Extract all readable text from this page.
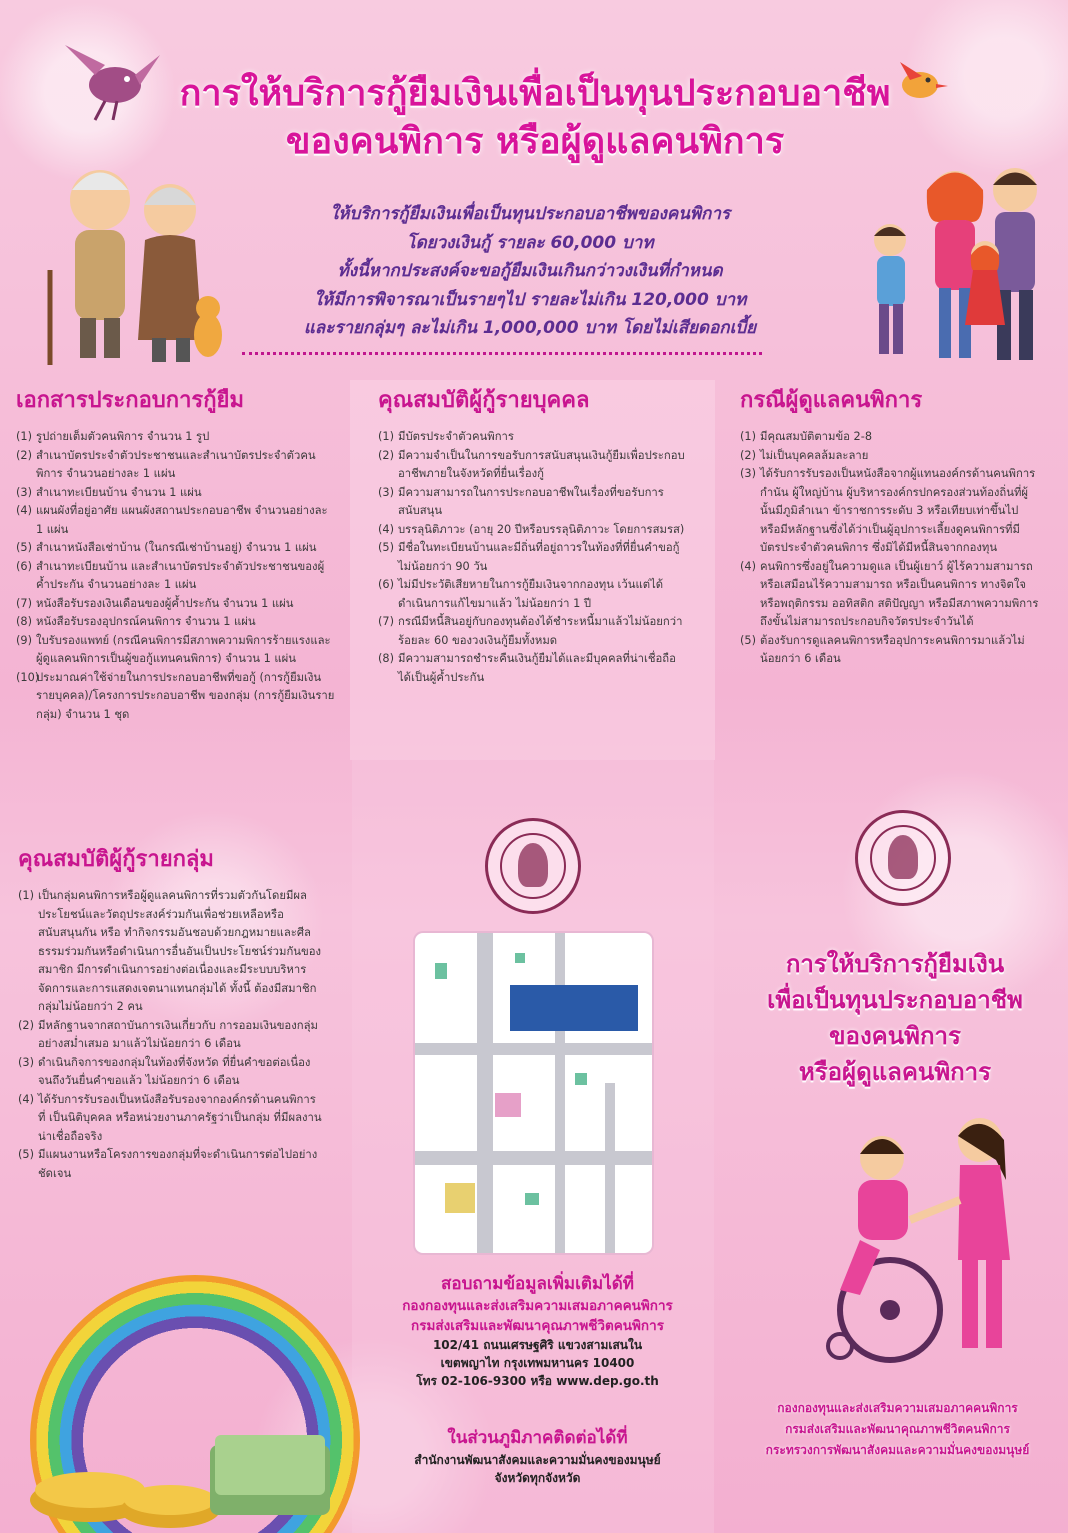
การให้บริการกู้ยืมเงินเพื่อเป็นทุนประกอบอาชีพ
ของคนพิการ หรือผู้ดูแลคนพิการ
ให้บริการกู้ยืมเงินเพื่อเป็นทุนประกอบอาชีพของคนพิการ
โดยวงเงินกู้ รายละ 60,000 บาท
ทั้งนี้หากประสงค์จะขอกู้ยืมเงินเกินกว่าวงเงินที่กำหนด
ให้มีการพิจารณาเป็นรายๆไป รายละไม่เกิน 120,000 บาท
และรายกลุ่มๆ ละไม่เกิน 1,000,000 บาท โดยไม่เสียดอกเบี้ย
เอกสารประกอบการกู้ยืม
(1) รูปถ่ายเต็มตัวคนพิการ จำนวน 1 รูป
(2) สำเนาบัตรประจำตัวประชาชนและสำเนาบัตรประจำตัวคนพิการ จำนวนอย่างละ 1 แผ่น
(3) สำเนาทะเบียนบ้าน จำนวน 1 แผ่น
(4) แผนผังที่อยู่อาศัย แผนผังสถานประกอบอาชีพ จำนวนอย่างละ 1 แผ่น
(5) สำเนาหนังสือเช่าบ้าน (ในกรณีเช่าบ้านอยู่) จำนวน 1 แผ่น
(6) สำเนาทะเบียนบ้าน และสำเนาบัตรประจำตัวประชาชนของผู้ค้ำประกัน จำนวนอย่างละ 1 แผ่น
(7) หนังสือรับรองเงินเดือนของผู้ค้ำประกัน จำนวน 1 แผ่น
(8) หนังสือรับรองอุปกรณ์คนพิการ จำนวน 1 แผ่น
(9) ใบรับรองแพทย์ (กรณีคนพิการมีสภาพความพิการร้ายแรงและผู้ดูแลคนพิการเป็นผู้ขอกู้แทนคนพิการ) จำนวน 1 แผ่น
(10)
ประมาณค่าใช้จ่ายในการประกอบอาชีพที่ขอกู้ (การกู้ยืมเงินรายบุคคล)/โครงการประกอบอาชีพ ของกลุ่ม (การกู้ยืมเงินรายกลุ่ม) จำนวน 1 ชุด
คุณสมบัติผู้กู้รายบุคคล
(1) มีบัตรประจำตัวคนพิการ
(2) มีความจำเป็นในการขอรับการสนับสนุนเงินกู้ยืมเพื่อประกอบอาชีพภายในจังหวัดที่ยื่นเรื่องกู้
(3) มีความสามารถในการประกอบอาชีพในเรื่องที่ขอรับการสนับสนุน
(4) บรรลุนิติภาวะ (อายุ 20 ปีหรือบรรลุนิติภาวะ โดยการสมรส)
(5) มีชื่อในทะเบียนบ้านและมีถิ่นที่อยู่ถาวรในท้องที่ที่ยื่นคำขอกู้ไม่น้อยกว่า 90 วัน
(6) ไม่มีประวัติเสียหายในการกู้ยืมเงินจากกองทุน เว้นแต่ได้ดำเนินการแก้ไขมาแล้ว ไม่น้อยกว่า 1 ปี
(7) กรณีมีหนี้สินอยู่กับกองทุนต้องได้ชำระหนี้มาแล้วไม่น้อยกว่าร้อยละ 60 ของวงเงินกู้ยืมทั้งหมด
(8) มีความสามารถชำระคืนเงินกู้ยืมได้และมีบุคคลที่น่าเชื่อถือได้เป็นผู้ค้ำประกัน
กรณีผู้ดูแลคนพิการ
(1) มีคุณสมบัติตามข้อ 2-8
(2) ไม่เป็นบุคคลล้มละลาย
(3) ได้รับการรับรองเป็นหนังสือจากผู้แทนองค์กรด้านคนพิการ กำนัน ผู้ใหญ่บ้าน ผู้บริหารองค์กรปกครองส่วนท้องถิ่นที่ผู้นั้นมีภูมิลำเนา ข้าราชการระดับ 3 หรือเทียบเท่าขึ้นไป หรือมีหลักฐานซึ่งได้ว่าเป็นผู้อุปการะเลี้ยงดูคนพิการที่มีบัตรประจำตัวคนพิการ ซึ่งมิได้มีหนี้สินจากกองทุน
(4) คนพิการซึ่งอยู่ในความดูแล เป็นผู้เยาว์ ผู้ไร้ความสามารถหรือเสมือนไร้ความสามารถ หรือเป็นคนพิการ ทางจิตใจหรือพฤติกรรม ออทิสติก สติปัญญา หรือมีสภาพความพิการถึงขั้นไม่สามารถประกอบกิจวัตรประจำวันได้
(5) ต้องรับการดูแลคนพิการหรืออุปการะคนพิการมาแล้วไม่น้อยกว่า 6 เดือน
คุณสมบัติผู้กู้รายกลุ่ม
(1) เป็นกลุ่มคนพิการหรือผู้ดูแลคนพิการที่รวมตัวกันโดยมีผลประโยชน์และวัตถุประสงค์ร่วมกันเพื่อช่วยเหลือหรือสนับสนุนกัน หรือ ทำกิจกรรมอันชอบด้วยกฎหมายและศีลธรรมร่วมกันหรือดำเนินการอื่นอันเป็นประโยชน์ร่วมกันของสมาชิก มีการดำเนินการอย่างต่อเนื่องและมีระบบบริหารจัดการและการแสดงเจตนาแทนกลุ่มได้ ทั้งนี้ ต้องมีสมาชิกกลุ่มไม่น้อยกว่า 2 คน
(2) มีหลักฐานจากสถาบันการเงินเกี่ยวกับ การออมเงินของกลุ่มอย่างสม่ำเสมอ มาแล้วไม่น้อยกว่า 6 เดือน
(3) ดำเนินกิจการของกลุ่มในท้องที่จังหวัด ที่ยื่นคำขอต่อเนื่องจนถึงวันยื่นคำขอแล้ว ไม่น้อยกว่า 6 เดือน
(4) ได้รับการรับรองเป็นหนังสือรับรองจากองค์กรด้านคนพิการที่ เป็นนิติบุคคล หรือหน่วยงานภาครัฐว่าเป็นกลุ่ม ที่มีผลงานน่าเชื่อถือจริง
(5) มีแผนงานหรือโครงการของกลุ่มที่จะดำเนินการต่อไปอย่างชัดเจน
สอบถามข้อมูลเพิ่มเติมได้ที่
กองกองทุนและส่งเสริมความเสมอภาคคนพิการ
กรมส่งเสริมและพัฒนาคุณภาพชีวิตคนพิการ
102/41 ถนนเศรษฐศิริ แขวงสามเสนใน
เขตพญาไท กรุงเทพมหานคร 10400
โทร 02-106-9300 หรือ www.dep.go.th
ในส่วนภูมิภาคติดต่อได้ที่
สำนักงานพัฒนาสังคมและความมั่นคงของมนุษย์
จังหวัดทุกจังหวัด
การให้บริการกู้ยืมเงิน
เพื่อเป็นทุนประกอบอาชีพ
ของคนพิการ
หรือผู้ดูแลคนพิการ
กองกองทุนและส่งเสริมความเสมอภาคคนพิการ
กรมส่งเสริมและพัฒนาคุณภาพชีวิตคนพิการ
กระทรวงการพัฒนาสังคมและความมั่นคงของมนุษย์
